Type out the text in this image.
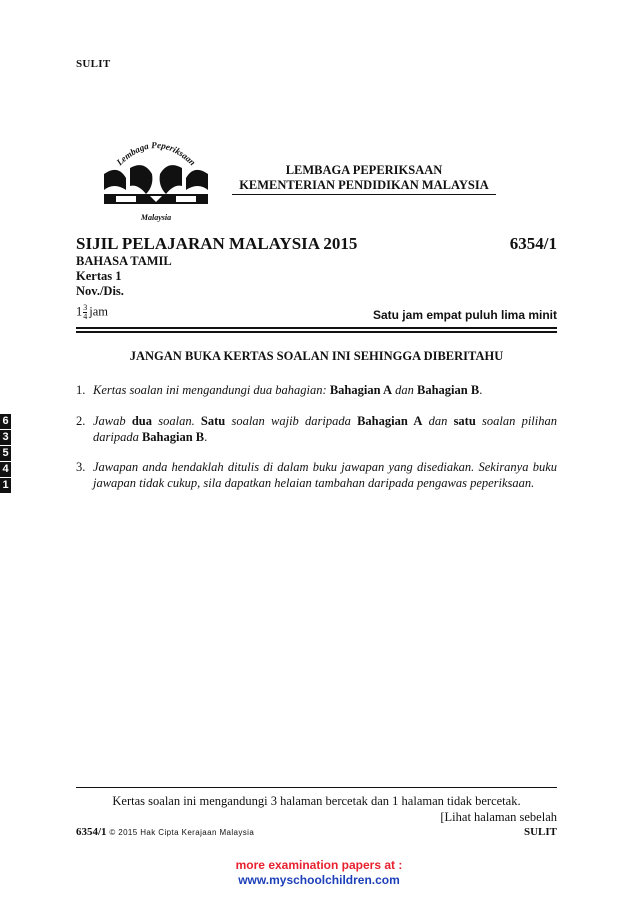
SULIT
Lembaga Peperiksaan
Malaysia
LEMBAGA PEPERIKSAAN
KEMENTERIAN PENDIDIKAN MALAYSIA
SIJIL PELAJARAN MALAYSIA 2015	6354/1
BAHASA TAMIL
Kertas 1
Nov./Dis.
$1 \frac{3}{4}$ jam	Satu jam empat puluh lima minit
JANGAN BUKA KERTAS SOALAN INI SEHINGGA DIBERITAHU
1. Kertas soalan ini mengandungi dua bahagian: Bahagian A dan Bahagian B.
2. Jawab dua soalan. Satu soalan wajib daripada Bahagian A dan satu soalan pilihan daripada Bahagian B.
3. Jawapan anda hendaklah ditulis di dalam buku jawapan yang disediakan. Sekiranya buku jawapan tidak cukup, sila dapatkan helaian tambahan daripada pengawas peperiksaan.
6
3
5
4
1
Kertas soalan ini mengandungi 3 halaman bercetak dan 1 halaman tidak bercetak.
[Lihat halaman sebelah
6354/1 © 2015 Hak Cipta Kerajaan Malaysia	SULIT
more examination papers at :
www.myschoolchildren.com
